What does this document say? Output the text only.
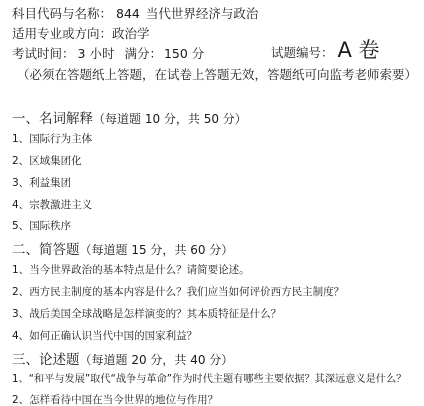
科目代码与名称： 844 当代世界经济与政治
适用专业或方向：政治学
考试时间： 3 小时 满分： 150 分	试题编号： A 卷
（必须在答题纸上答题，在试卷上答题无效，答题纸可向监考老师索要）
一、名词解释（每道题 10 分，共 50 分）
1、国际行为主体
2、区域集团化
3、利益集团
4、宗教激进主义
5、国际秩序
二、简答题（每道题 15 分，共 60 分）
1、当今世界政治的基本特点是什么？请简要论述。
2、西方民主制度的基本内容是什么？我们应当如何评价西方民主制度？
3、战后美国全球战略是怎样演变的？其本质特征是什么？
4、如何正确认识当代中国的国家利益？
三、论述题（每道题 20 分，共 40 分）
1、“和平与发展”取代“战争与革命”作为时代主题有哪些主要依据？其深远意义是什么？
2、怎样看待中国在当今世界的地位与作用？
